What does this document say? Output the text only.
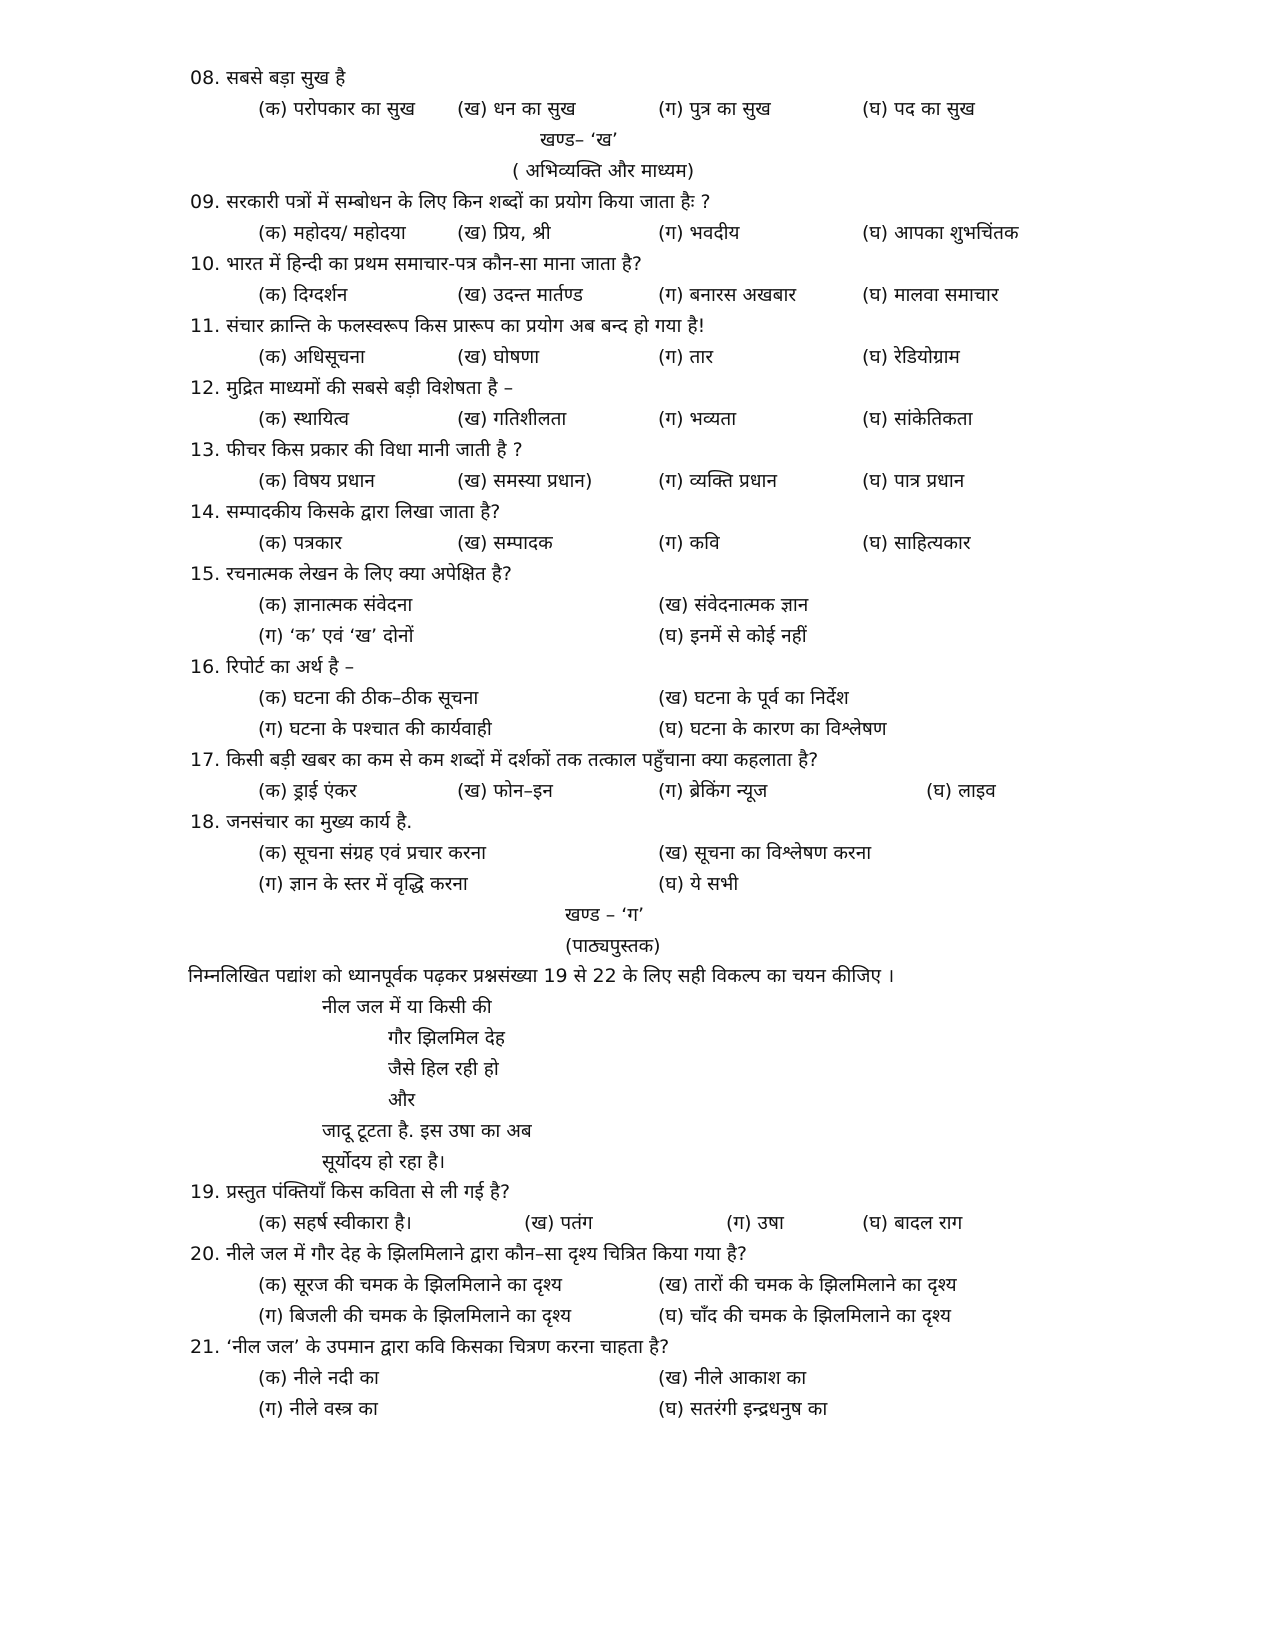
08. सबसे बड़ा सुख है
(क) परोपकार का सुख (ख) धन का सुख	(ग) पुत्र का सुख	(घ) पद का सुख
खण्ड– ‘ख’
( अभिव्यक्ति और माध्यम)
09. सरकारी पत्रों में सम्बोधन के लिए किन शब्दों का प्रयोग किया जाता हैः ?
(क) महोदय/ महोदया	(ख) प्रिय, श्री	(ग) भवदीय	(घ) आपका शुभचिंतक
10. भारत में हिन्दी का प्रथम समाचार-पत्र कौन-सा माना जाता है?
(क) दिग्दर्शन	(ख) उदन्त मार्तण्ड	(ग) बनारस अखबार	(घ) मालवा समाचार
11. संचार क्रान्ति के फलस्वरूप किस प्रारूप का प्रयोग अब बन्द हो गया है!
(क) अधिसूचना	(ख) घोषणा	(ग) तार	(घ) रेडियोग्राम
12. मुद्रित माध्यमों की सबसे बड़ी विशेषता है –
(क) स्थायित्व	(ख) गतिशीलता	(ग) भव्यता	(घ) सांकेतिकता
13. फीचर किस प्रकार की विधा मानी जाती है ?
(क) विषय प्रधान	(ख) समस्या प्रधान)	(ग) व्यक्ति प्रधान	(घ) पात्र प्रधान
14. सम्पादकीय किसके द्वारा लिखा जाता है?
(क) पत्रकार	(ख) सम्पादक	(ग) कवि	(घ) साहित्यकार
15. रचनात्मक लेखन के लिए क्या अपेक्षित है?
(क) ज्ञानात्मक संवेदना	(ख) संवेदनात्मक ज्ञान
(ग) ‘क’ एवं ‘ख’ दोनों	(घ) इनमें से कोई नहीं
16. रिपोर्ट का अर्थ है –
(क) घटना की ठीक–ठीक सूचना	(ख) घटना के पूर्व का निर्देश
(ग) घटना के पश्चात की कार्यवाही	(घ) घटना के कारण का विश्लेषण
17. किसी बड़ी खबर का कम से कम शब्दों में दर्शकों तक तत्काल पहुँचाना क्या कहलाता है?
(क) ड्राई एंकर	(ख) फोन–इन	(ग) ब्रेकिंग न्यूज	(घ) लाइव
18. जनसंचार का मुख्य कार्य है.
(क) सूचना संग्रह एवं प्रचार करना	(ख) सूचना का विश्लेषण करना
(ग) ज्ञान के स्तर में वृद्धि करना	(घ) ये सभी
खण्ड – ‘ग’
(पाठ्यपुस्तक)
निम्नलिखित पद्यांश को ध्यानपूर्वक पढ़कर प्रश्नसंख्या 19 से 22 के लिए सही विकल्प का चयन कीजिए ।
नील जल में या किसी की
गौर झिलमिल देह
जैसे हिल रही हो
और
जादू टूटता है. इस उषा का अब
सूर्योदय हो रहा है।
19. प्रस्तुत पंक्तियाँ किस कविता से ली गई है?
(क) सहर्ष स्वीकारा है।	(ख) पतंग	(ग) उषा	(घ) बादल राग
20. नीले जल में गौर देह के झिलमिलाने द्वारा कौन–सा दृश्य चित्रित किया गया है?
(क) सूरज की चमक के झिलमिलाने का दृश्य	(ख) तारों की चमक के झिलमिलाने का दृश्य
(ग) बिजली की चमक के झिलमिलाने का दृश्य	(घ) चाँद की चमक के झिलमिलाने का दृश्य
21. ‘नील जल’ के उपमान द्वारा कवि किसका चित्रण करना चाहता है?
(क) नीले नदी का	(ख) नीले आकाश का
(ग) नीले वस्त्र का	(घ) सतरंगी इन्द्रधनुष का
